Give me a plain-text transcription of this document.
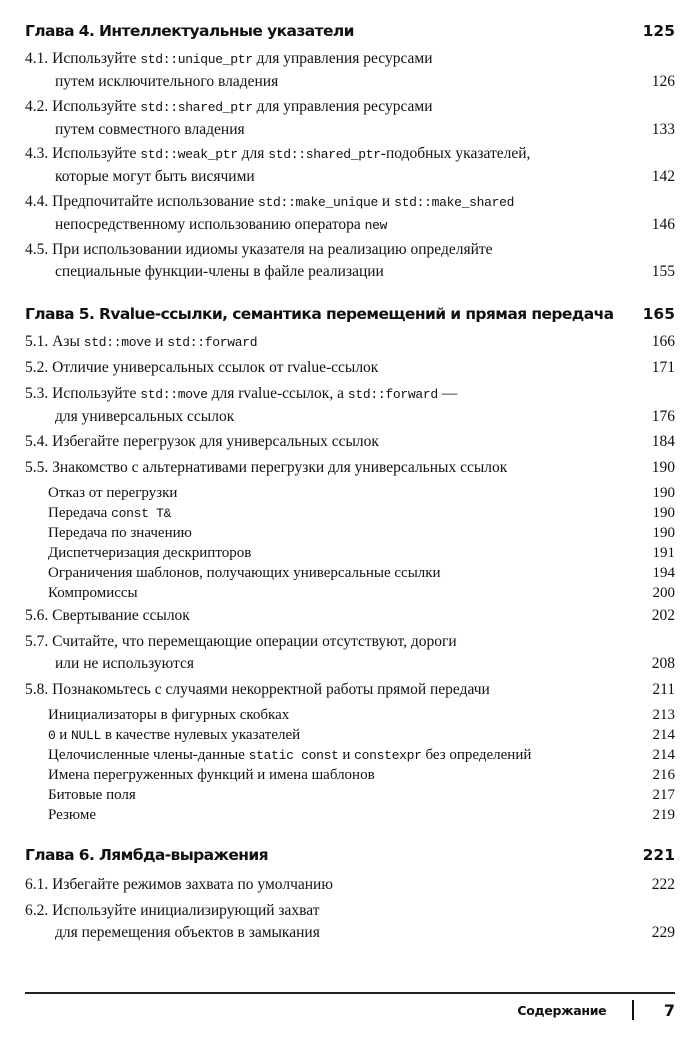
Глава 4. Интеллектуальные указатели	125
4.1. Используйте std::unique_ptr для управления ресурсами
путем исключительного владения	126
4.2. Используйте std::shared_ptr для управления ресурсами
путем совместного владения	133
4.3. Используйте std::weak_ptr для std::shared_ptr-подобных указателей,
которые могут быть висячими	142
4.4. Предпочитайте использование std::make_unique и std::make_shared
непосредственному использованию оператора new	146
4.5. При использовании идиомы указателя на реализацию определяйте
специальные функции-члены в файле реализации	155
Глава 5. Rvalue-ссылки, семантика перемещений и прямая передача 165
5.1. Азы std::move и std::forward	166
5.2. Отличие универсальных ссылок от rvalue-ссылок	171
5.3. Используйте std::move для rvalue-ссылок, а std::forward —
для универсальных ссылок	176
5.4. Избегайте перегрузок для универсальных ссылок	184
5.5. Знакомство с альтернативами перегрузки для универсальных ссылок	190
Отказ от перегрузки	190
Передача const T&	190
Передача по значению	190
Диспетчеризация дескрипторов	191
Ограничения шаблонов, получающих универсальные ссылки	194
Компромиссы	200
5.6. Свертывание ссылок	202
5.7. Считайте, что перемещающие операции отсутствуют, дороги
или не используются	208
5.8. Познакомьтесь с случаями некорректной работы прямой передачи	211
Инициализаторы в фигурных скобках	213
0 и NULL в качестве нулевых указателей	214
Целочисленные члены-данные static const и constexpr без определений	214
Имена перегруженных функций и имена шаблонов	216
Битовые поля	217
Резюме	219
Глава 6. Лямбда-выражения	221
6.1. Избегайте режимов захвата по умолчанию	222
6.2. Используйте инициализирующий захват
для перемещения объектов в замыкания	229
Содержание	7
